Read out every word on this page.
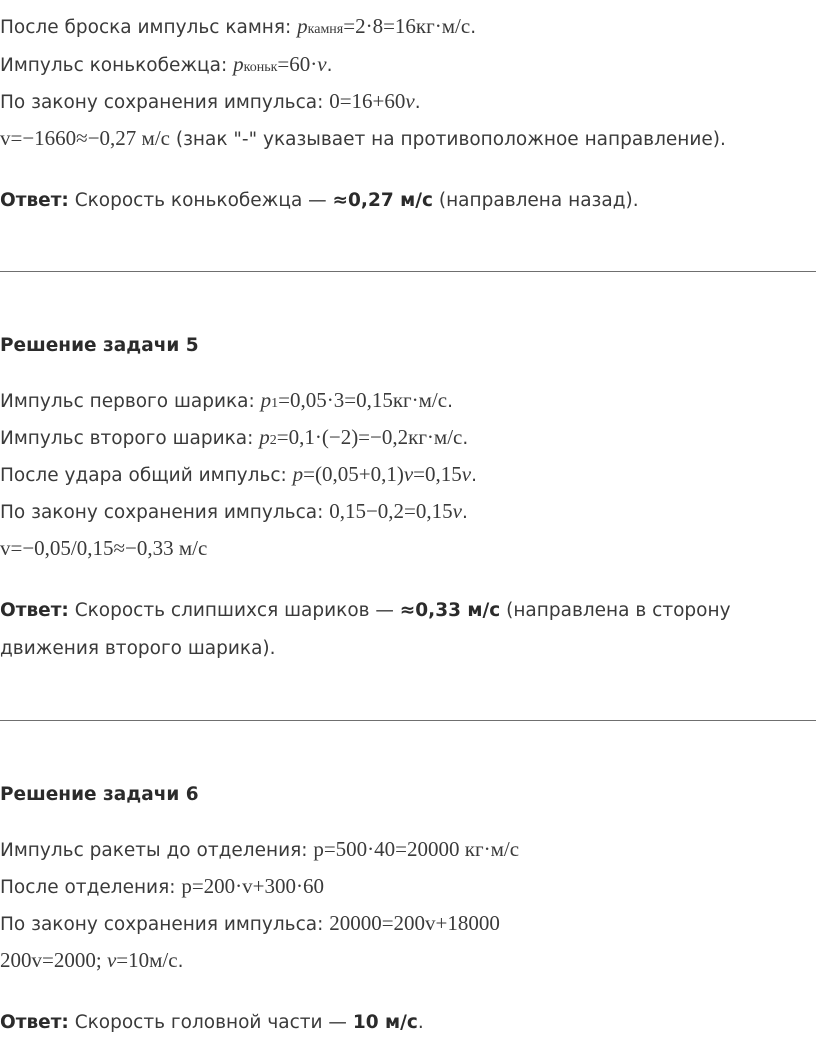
После броска импульс камня: pкамня=2·8=16кг·м/с.
Импульс конькобежца: pконьк=60·v.
По закону сохранения импульса: 0=16+60v.
v=−1660≈−0,27 м/с (знак "-" указывает на противоположное направление).
Ответ: Скорость конькобежца — ≈0,27 м/с (направлена назад).
Решение задачи 5
Импульс первого шарика: p1=0,05·3=0,15кг·м/с.
Импульс второго шарика: p2=0,1·(−2)=−0,2кг·м/с.
После удара общий импульс: p=(0,05+0,1)v=0,15v.
По закону сохранения импульса: 0,15−0,2=0,15v.
v=−0,05/0,15≈−0,33 м/с
Ответ: Скорость слипшихся шариков — ≈0,33 м/с (направлена в сторону движения второго шарика).
Решение задачи 6
Импульс ракеты до отделения: p=500·40=20000 кг·м/с
После отделения: p=200·v+300·60
По закону сохранения импульса: 20000=200v+18000
200v=2000; v=10м/с.
Ответ: Скорость головной части — 10 м/с.
